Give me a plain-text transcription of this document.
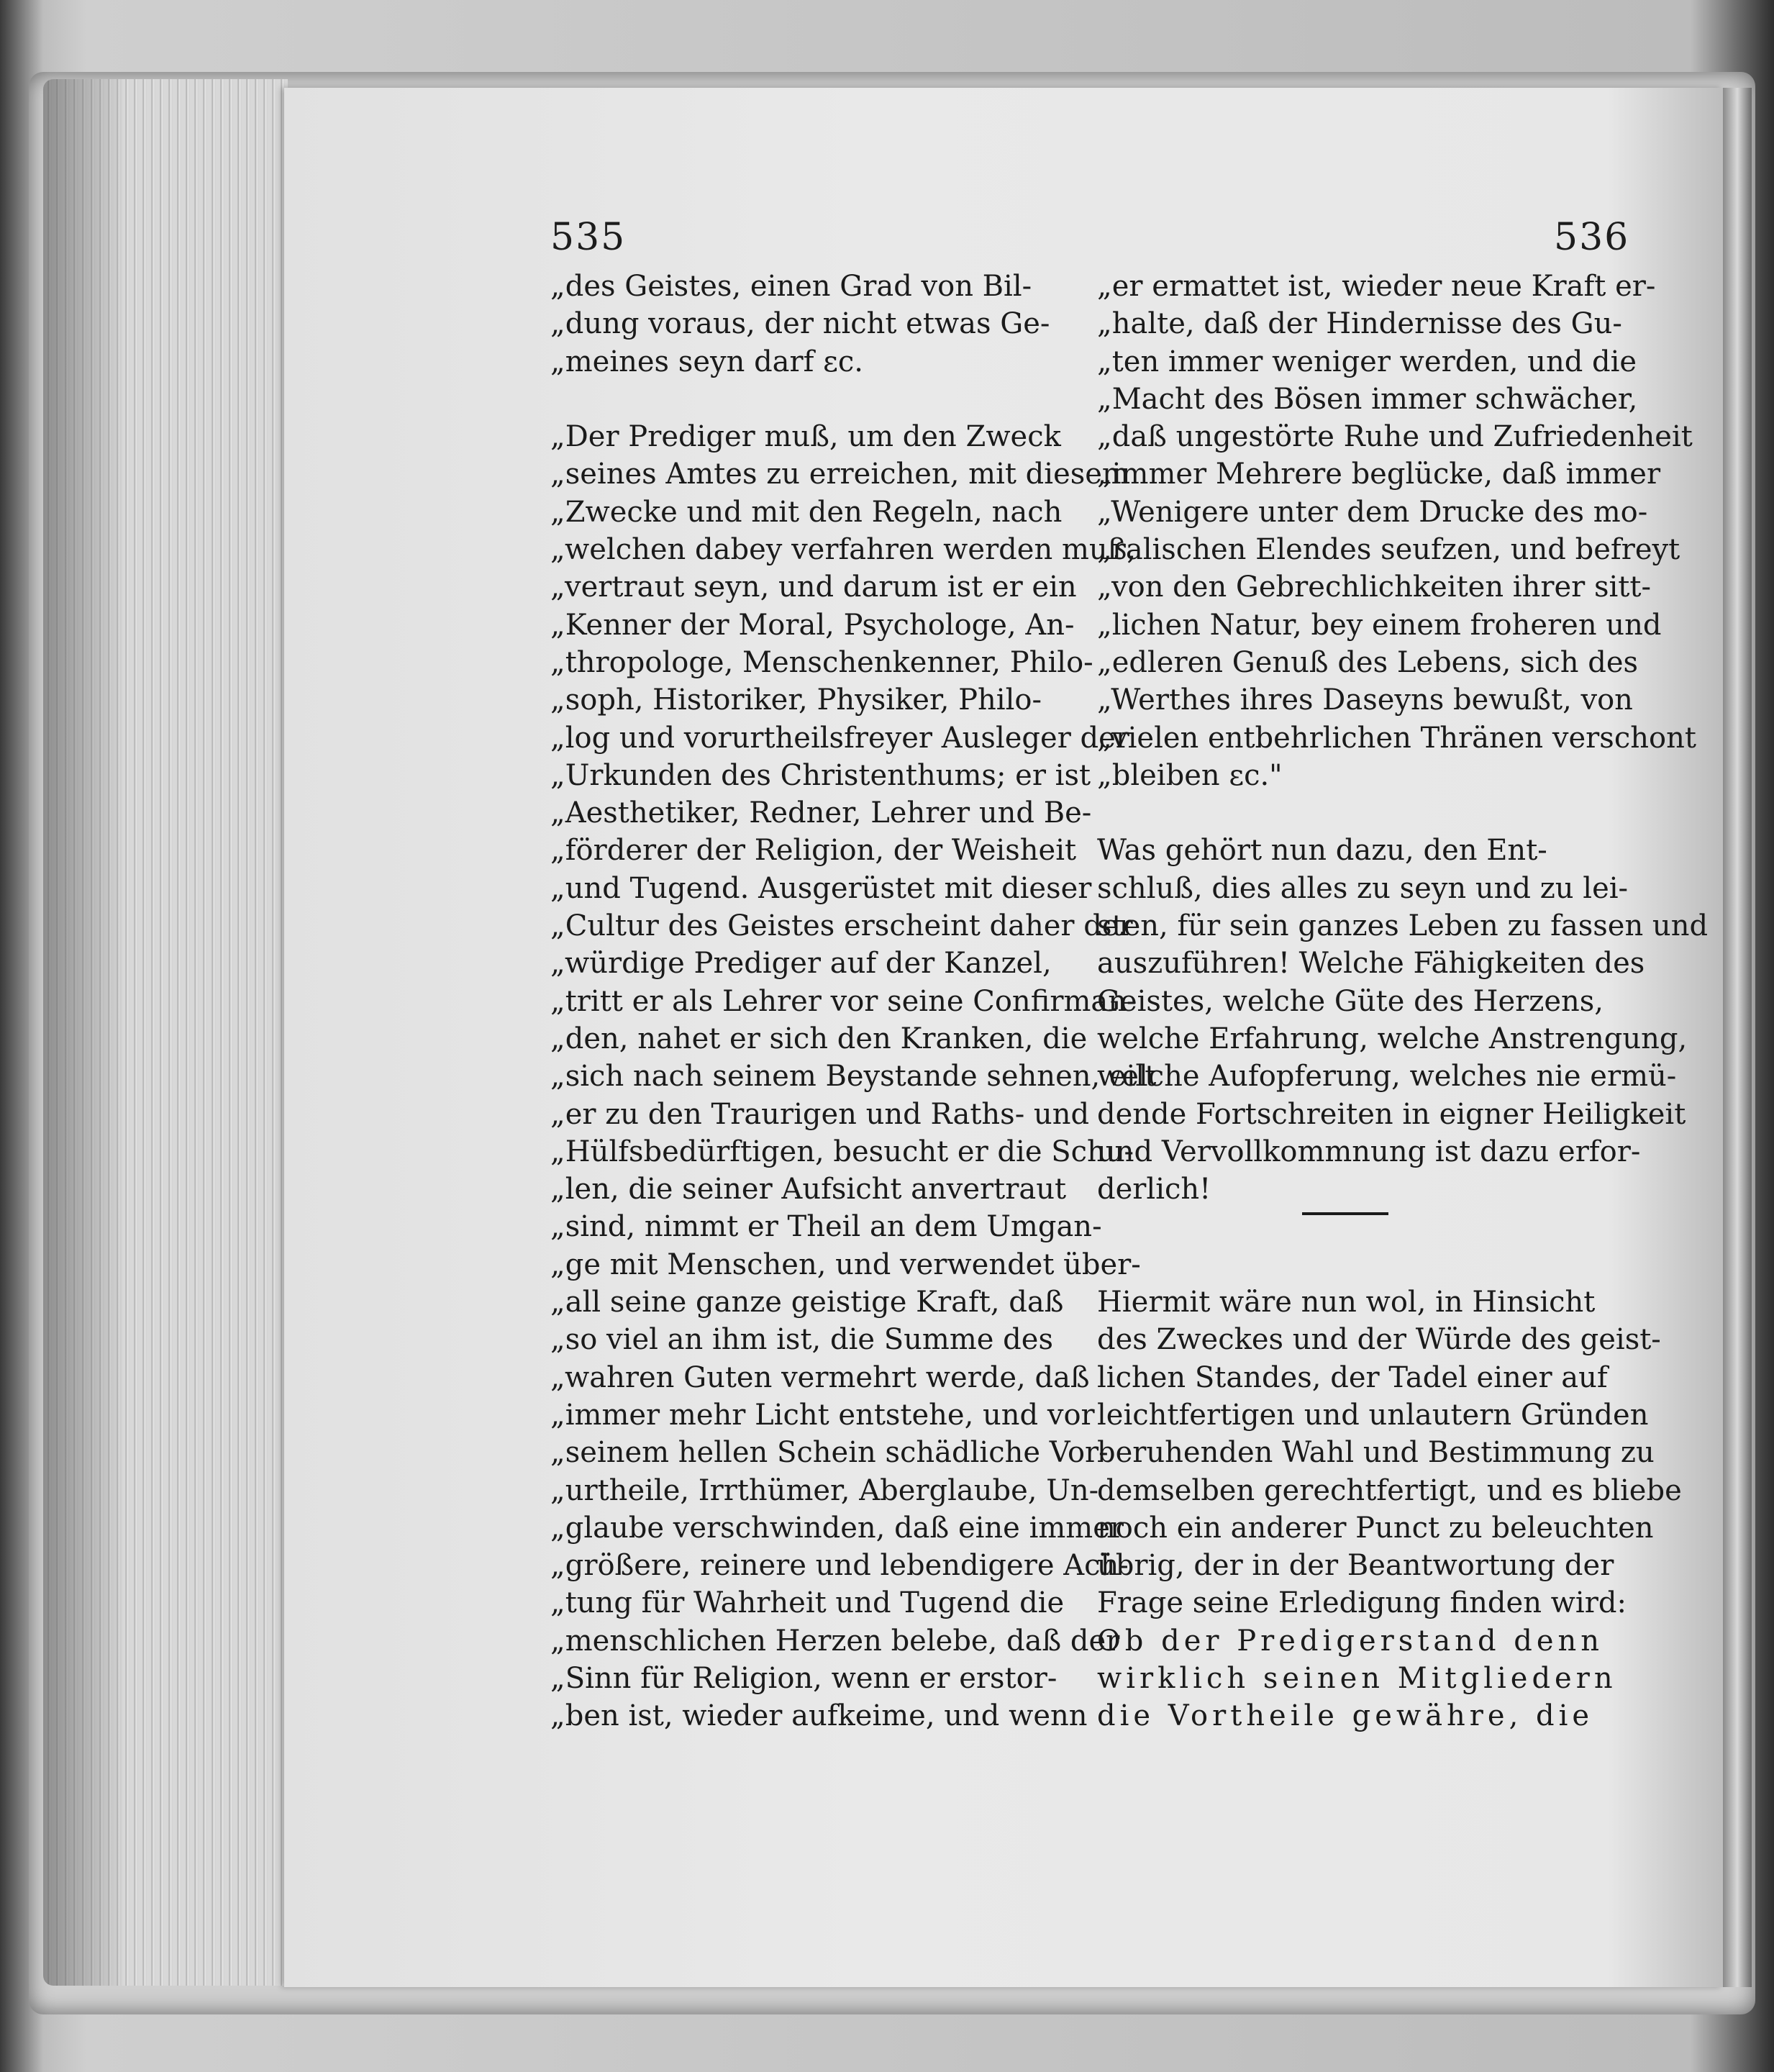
535	536
„des Geistes, einen Grad von Bil-
„dung voraus, der nicht etwas Ge-
„meines seyn darf ɛc.
„Der Prediger muß, um den Zweck
„seines Amtes zu erreichen, mit diesem
„Zwecke und mit den Regeln, nach
„welchen dabey verfahren werden muß,
„vertraut seyn, und darum ist er ein
„Kenner der Moral, Psychologe, An-
„thropologe, Menschenkenner, Philo-
„soph, Historiker, Physiker, Philo-
„log und vorurtheilsfreyer Ausleger der
„Urkunden des Christenthums; er ist
„Aesthetiker, Redner, Lehrer und Be-
„förderer der Religion, der Weisheit
„und Tugend. Ausgerüstet mit dieser
„Cultur des Geistes erscheint daher der
„würdige Prediger auf der Kanzel,
„tritt er als Lehrer vor seine Confirman-
„den, nahet er sich den Kranken, die
„sich nach seinem Beystande sehnen, eilt
„er zu den Traurigen und Raths- und
„Hülfsbedürftigen, besucht er die Schu-
„len, die seiner Aufsicht anvertraut
„sind, nimmt er Theil an dem Umgan-
„ge mit Menschen, und verwendet über-
„all seine ganze geistige Kraft, daß
„so viel an ihm ist, die Summe des
„wahren Guten vermehrt werde, daß
„immer mehr Licht entstehe, und vor
„seinem hellen Schein schädliche Vor-
„urtheile, Irrthümer, Aberglaube, Un-
„glaube verschwinden, daß eine immer
„größere, reinere und lebendigere Ach-
„tung für Wahrheit und Tugend die
„menschlichen Herzen belebe, daß der
„Sinn für Religion, wenn er erstor-
„ben ist, wieder aufkeime, und wenn
„er ermattet ist, wieder neue Kraft er-
„halte, daß der Hindernisse des Gu-
„ten immer weniger werden, und die
„Macht des Bösen immer schwächer,
„daß ungestörte Ruhe und Zufriedenheit
„immer Mehrere beglücke, daß immer
„Wenigere unter dem Drucke des mo-
„ralischen Elendes seufzen, und befreyt
„von den Gebrechlichkeiten ihrer sitt-
„lichen Natur, bey einem froheren und
„edleren Genuß des Lebens, sich des
„Werthes ihres Daseyns bewußt, von
„vielen entbehrlichen Thränen verschont
„bleiben ɛc."
Was gehört nun dazu, den Ent-
schluß, dies alles zu seyn und zu lei-
sten, für sein ganzes Leben zu fassen und
auszuführen! Welche Fähigkeiten des
Geistes, welche Güte des Herzens,
welche Erfahrung, welche Anstrengung,
welche Aufopferung, welches nie ermü-
dende Fortschreiten in eigner Heiligkeit
und Vervollkommnung ist dazu erfor-
derlich!
Hiermit wäre nun wol, in Hinsicht
des Zweckes und der Würde des geist-
lichen Standes, der Tadel einer auf
leichtfertigen und unlautern Gründen
beruhenden Wahl und Bestimmung zu
demselben gerechtfertigt, und es bliebe
noch ein anderer Punct zu beleuchten
übrig, der in der Beantwortung der
Frage seine Erledigung finden wird:
Ob der Predigerstand denn
wirklich seinen Mitgliedern
die Vortheile gewähre, die
